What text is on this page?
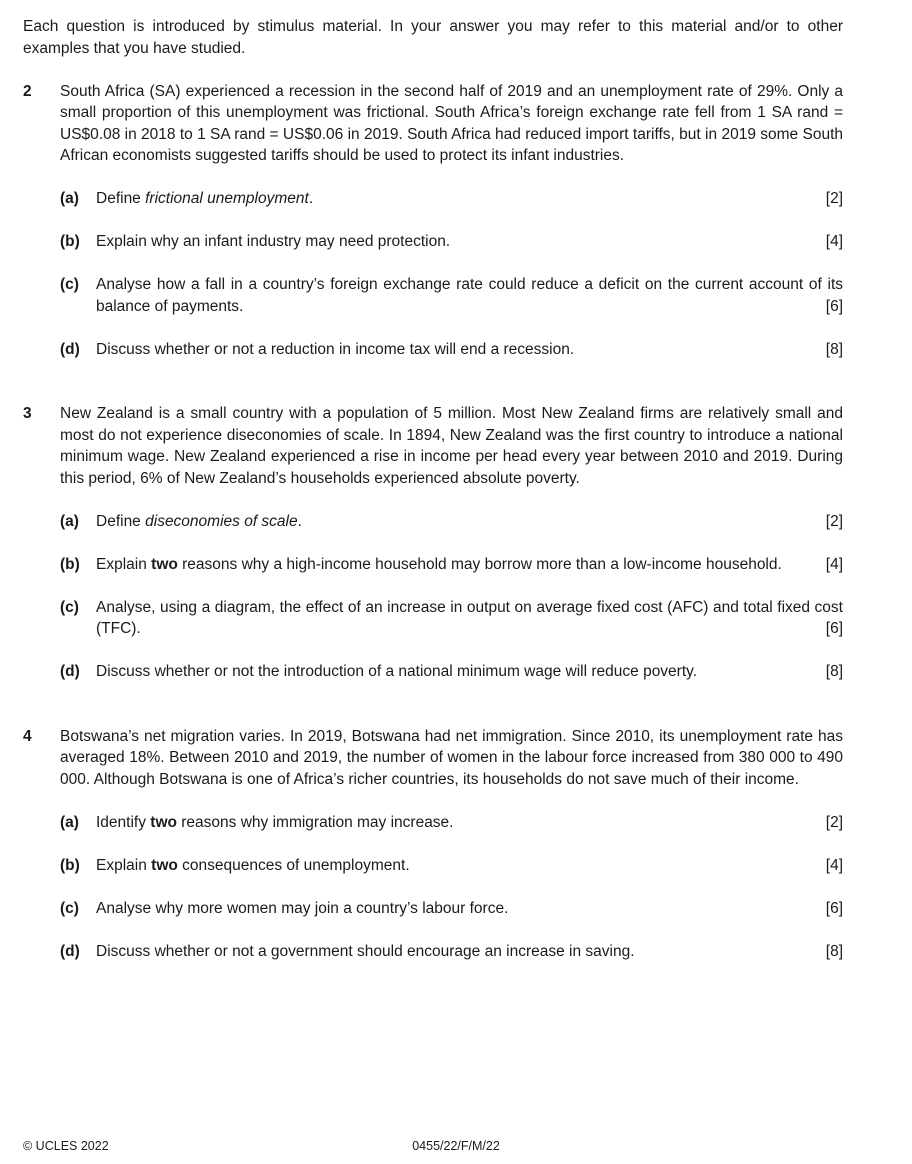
Each question is introduced by stimulus material. In your answer you may refer to this material and/or to other examples that you have studied.

2	South Africa (SA) experienced a recession in the second half of 2019 and an unemployment rate of 29%. Only a small proportion of this unemployment was frictional. South Africa’s foreign exchange rate fell from 1 SA rand = US$0.08 in 2018 to 1 SA rand = US$0.06 in 2019. South Africa had reduced import tariffs, but in 2019 some South African economists suggested tariffs should be used to protect its infant industries.

(a)	Define frictional unemployment.	[2]
(b)	Explain why an infant industry may need protection.	[4]
(c)	Analyse how a fall in a country’s foreign exchange rate could reduce a deficit on the current account of its balance of payments.	[6]
(d)	Discuss whether or not a reduction in income tax will end a recession.	[8]
3	New Zealand is a small country with a population of 5 million. Most New Zealand firms are relatively small and most do not experience diseconomies of scale. In 1894, New Zealand was the first country to introduce a national minimum wage. New Zealand experienced a rise in income per head every year between 2010 and 2019. During this period, 6% of New Zealand’s households experienced absolute poverty.

(a)	Define diseconomies of scale.	[2]
(b)	Explain two reasons why a high-income household may borrow more than a low-income household.	[4]
(c)	Analyse, using a diagram, the effect of an increase in output on average fixed cost (AFC) and total fixed cost (TFC).	[6]
(d)	Discuss whether or not the introduction of a national minimum wage will reduce poverty.	[8]
4	Botswana’s net migration varies. In 2019, Botswana had net immigration. Since 2010, its unemployment rate has averaged 18%. Between 2010 and 2019, the number of women in the labour force increased from 380 000 to 490 000. Although Botswana is one of Africa’s richer countries, its households do not save much of their income.

(a)	Identify two reasons why immigration may increase.	[2]
(b)	Explain two consequences of unemployment.	[4]
(c)	Analyse why more women may join a country’s labour force.	[6]
(d)	Discuss whether or not a government should encourage an increase in saving.	[8]
© UCLES 2022	0455/22/F/M/22
